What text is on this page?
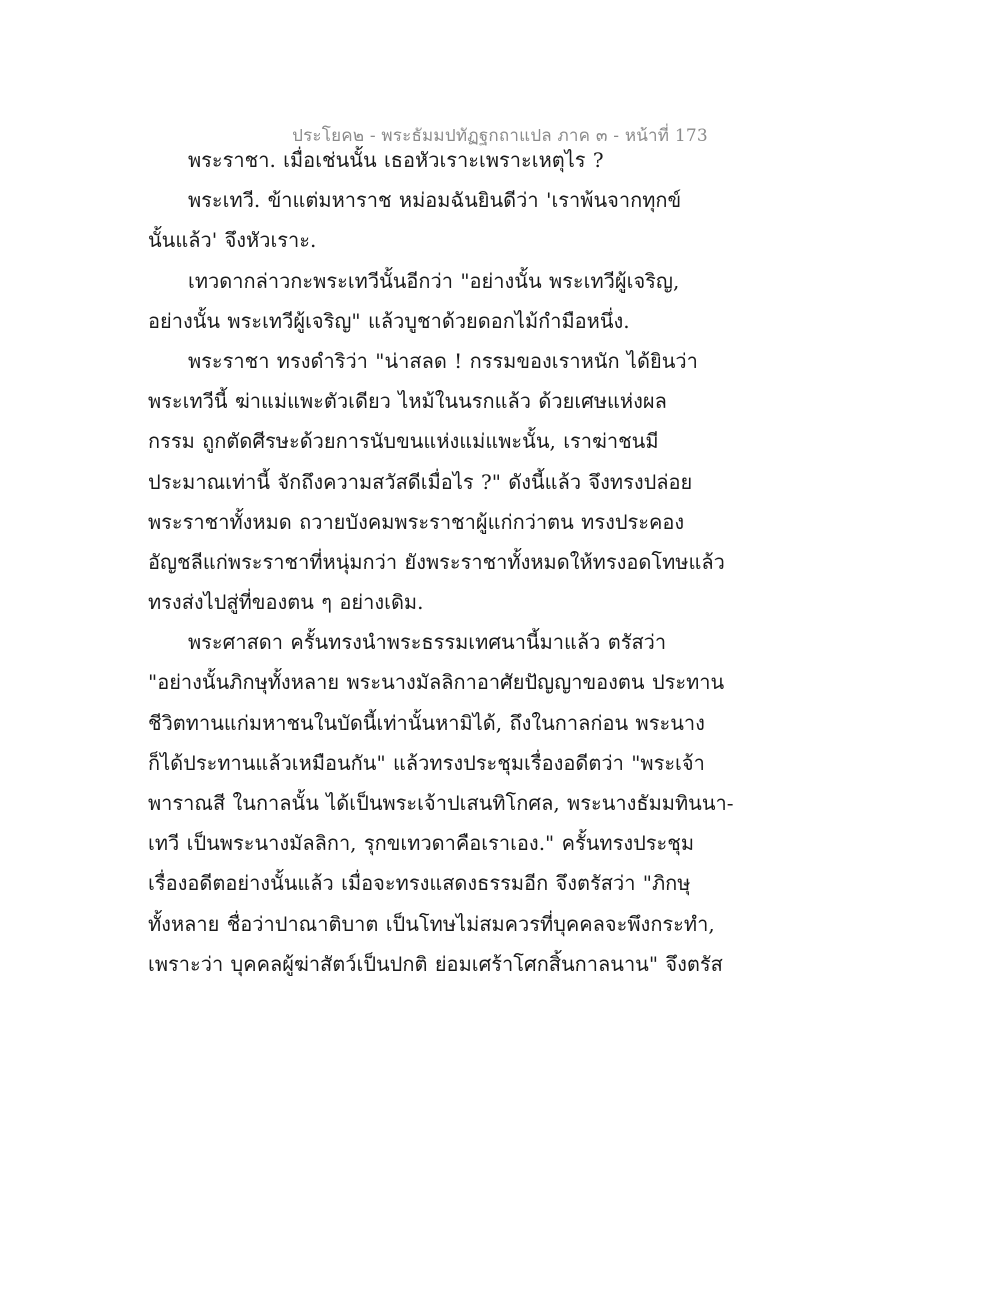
ประโยค๒ - พระธัมมปทัฏฐกถาแปล ภาค ๓ - หน้าที่ 173
พระราชา. เมื่อเช่นนั้น เธอหัวเราะเพราะเหตุไร ?
พระเทวี. ข้าแต่มหาราช หม่อมฉันยินดีว่า 'เราพ้นจากทุกข์
นั้นแล้ว' จึงหัวเราะ.
เทวดากล่าวกะพระเทวีนั้นอีกว่า "อย่างนั้น พระเทวีผู้เจริญ,
อย่างนั้น พระเทวีผู้เจริญ" แล้วบูชาด้วยดอกไม้กำมือหนึ่ง.
พระราชา ทรงดำริว่า "น่าสลด ! กรรมของเราหนัก ได้ยินว่า
พระเทวีนี้ ฆ่าแม่แพะตัวเดียว ไหม้ในนรกแล้ว ด้วยเศษแห่งผล
กรรม ถูกตัดศีรษะด้วยการนับขนแห่งแม่แพะนั้น, เราฆ่าชนมี
ประมาณเท่านี้ จักถึงความสวัสดีเมื่อไร ?" ดังนี้แล้ว จึงทรงปล่อย
พระราชาทั้งหมด ถวายบังคมพระราชาผู้แก่กว่าตน ทรงประคอง
อัญชลีแก่พระราชาที่หนุ่มกว่า ยังพระราชาทั้งหมดให้ทรงอดโทษแล้ว
ทรงส่งไปสู่ที่ของตน ๆ อย่างเดิม.
พระศาสดา ครั้นทรงนำพระธรรมเทศนานี้มาแล้ว ตรัสว่า
"อย่างนั้นภิกษุทั้งหลาย พระนางมัลลิกาอาศัยปัญญาของตน ประทาน
ชีวิตทานแก่มหาชนในบัดนี้เท่านั้นหามิได้, ถึงในกาลก่อน พระนาง
ก็ได้ประทานแล้วเหมือนกัน" แล้วทรงประชุมเรื่องอดีตว่า "พระเจ้า
พาราณสี ในกาลนั้น ได้เป็นพระเจ้าปเสนทิโกศล, พระนางธัมมทินนา-
เทวี เป็นพระนางมัลลิกา, รุกขเทวดาคือเราเอง." ครั้นทรงประชุม
เรื่องอดีตอย่างนั้นแล้ว เมื่อจะทรงแสดงธรรมอีก จึงตรัสว่า "ภิกษุ
ทั้งหลาย ชื่อว่าปาณาติบาต เป็นโทษไม่สมควรที่บุคคลจะพึงกระทำ,
เพราะว่า บุคคลผู้ฆ่าสัตว์เป็นปกติ ย่อมเศร้าโศกสิ้นกาลนาน" จึงตรัส
